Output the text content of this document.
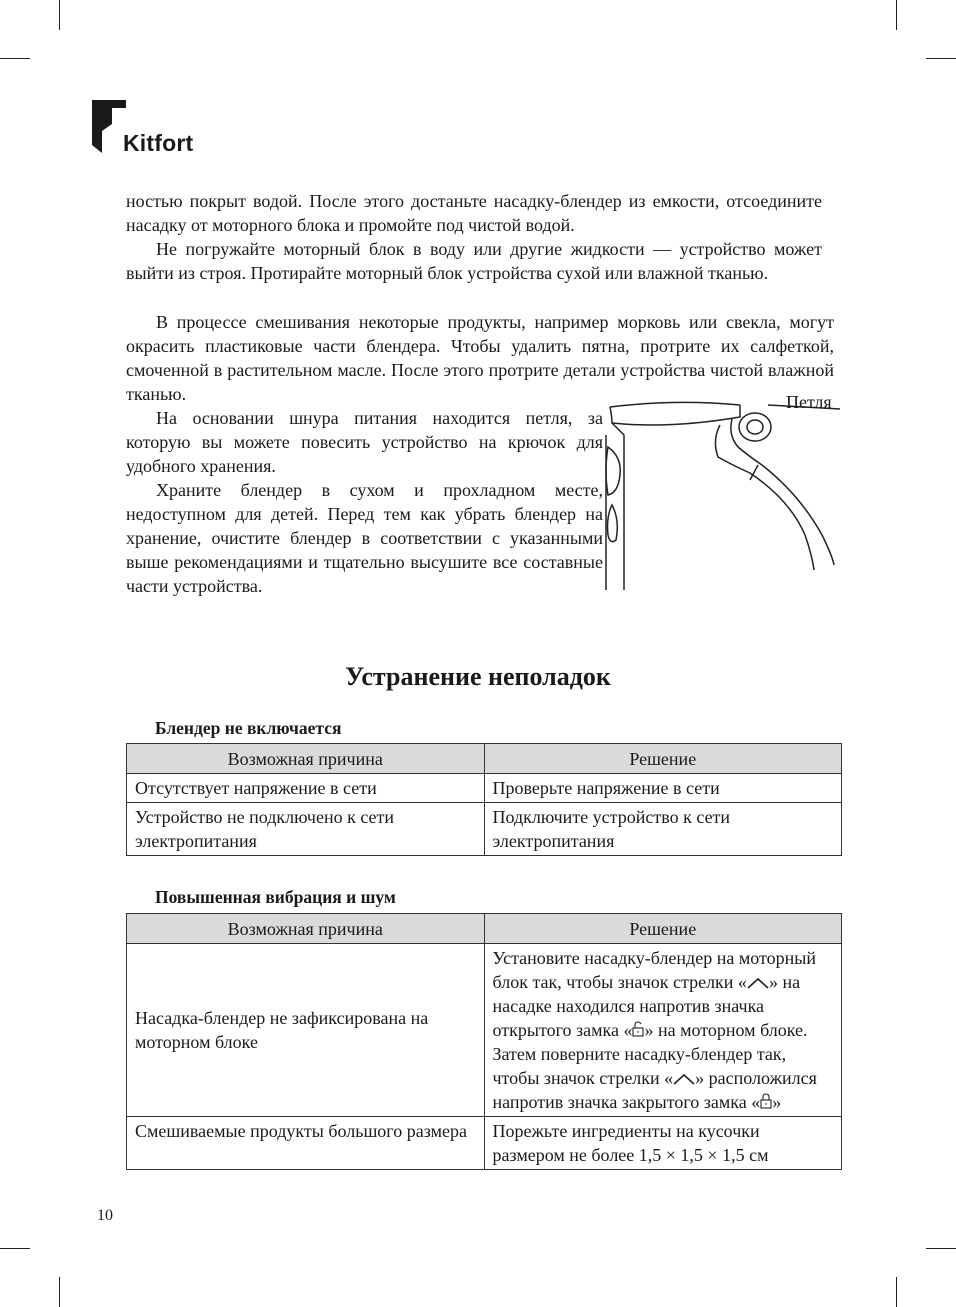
Kitfort

ностью покрыт водой. После этого достаньте насадку-блендер из емкости, отсоедините насадку от моторного блока и промойте под чистой водой.

Не погружайте моторный блок в воду или другие жидкости — устройство может выйти из строя. Протирайте моторный блок устройства сухой или влажной тканью.

В процессе смешивания некоторые продукты, например морковь или свекла, могут окрасить пластиковые части блендера. Чтобы удалить пятна, протрите их салфеткой, смоченной в растительном масле. После этого протрите детали устройства чистой влажной тканью.

На основании шнура питания находится петля, за которую вы можете повесить устройство на крючок для удобного хранения.

Храните блендер в сухом и прохладном месте, недоступном для детей. Перед тем как убрать блендер на хранение, очистите блендер в соответствии с указанными выше рекомендациями и тщательно высушите все составные части устройства.

Петля
Устранение неполадок

Блендер не включается

Возможная причина	Решение
Отсутствует напряжение в сети	Проверьте напряжение в сети
Устройство не подключено к сети электропитания	Подключите устройство к сети электропитания

Повышенная вибрация и шум

Возможная причина	Решение
Насадка-блендер не зафиксирована на моторном блоке	Установите насадку-блендер на моторный блок так, чтобы значок стрелки « » на насадке находился напротив значка открытого замка « » на моторном блоке. Затем поверните насадку-блендер так, чтобы значок стрелки « » расположился напротив значка закрытого замка « »
Смешиваемые продукты большого размера	Порежьте ингредиенты на кусочки размером не более 1,5 × 1,5 × 1,5 см
10
